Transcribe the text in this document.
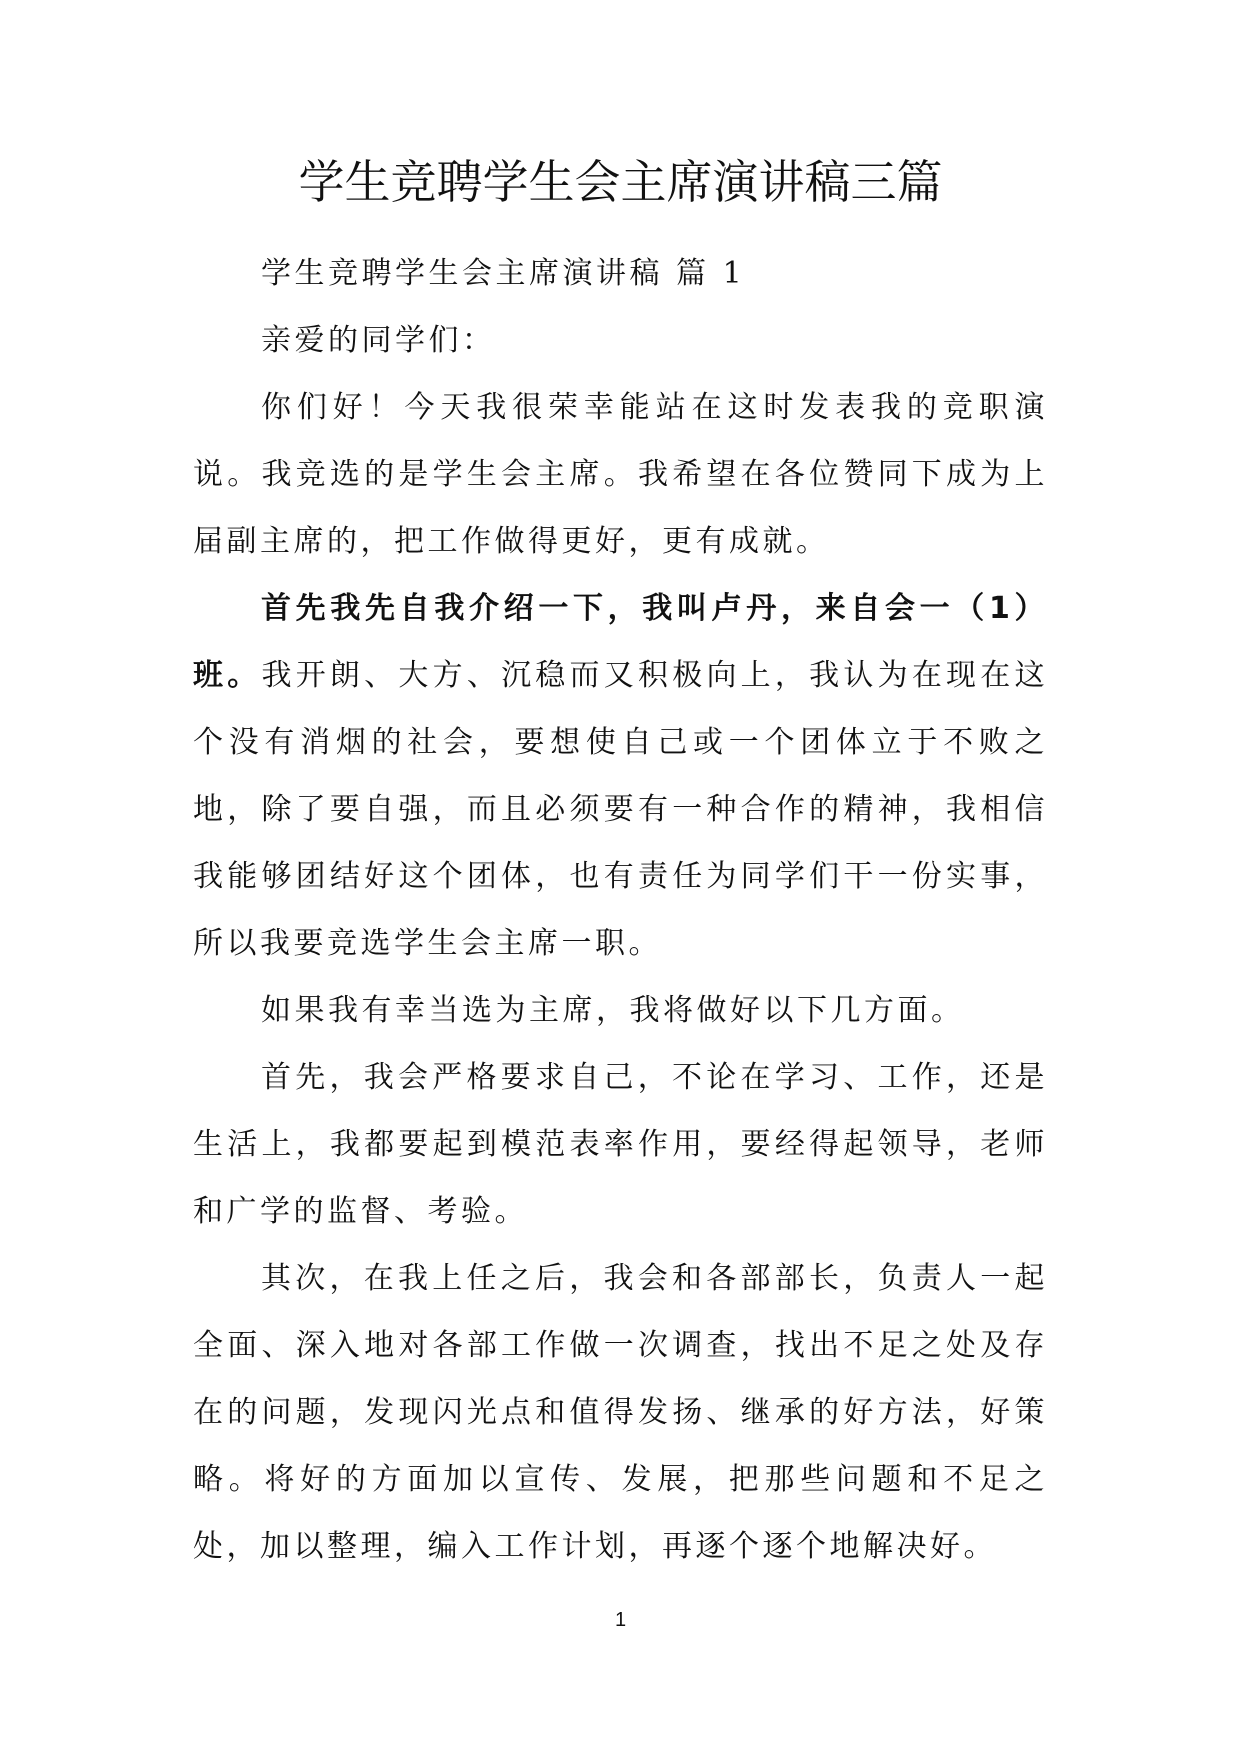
学生竞聘学生会主席演讲稿三篇

学生竞聘学生会主席演讲稿 篇 1

亲爱的同学们：

你们好！今天我很荣幸能站在这时发表我的竞职演说。我竞选的是学生会主席。我希望在各位赞同下成为上届副主席的，把工作做得更好，更有成就。

首先我先自我介绍一下，我叫卢丹，来自会一（1）班。我开朗、大方、沉稳而又积极向上，我认为在现在这个没有消烟的社会，要想使自己或一个团体立于不败之地，除了要自强，而且必须要有一种合作的精神，我相信我能够团结好这个团体，也有责任为同学们干一份实事，所以我要竞选学生会主席一职。

如果我有幸当选为主席，我将做好以下几方面。

首先，我会严格要求自己，不论在学习、工作，还是生活上，我都要起到模范表率作用，要经得起领导，老师和广学的监督、考验。

其次，在我上任之后，我会和各部部长，负责人一起全面、深入地对各部工作做一次调查，找出不足之处及存在的问题，发现闪光点和值得发扬、继承的好方法，好策略。将好的方面加以宣传、发展，把那些问题和不足之处，加以整理，编入工作计划，再逐个逐个地解决好。

1
